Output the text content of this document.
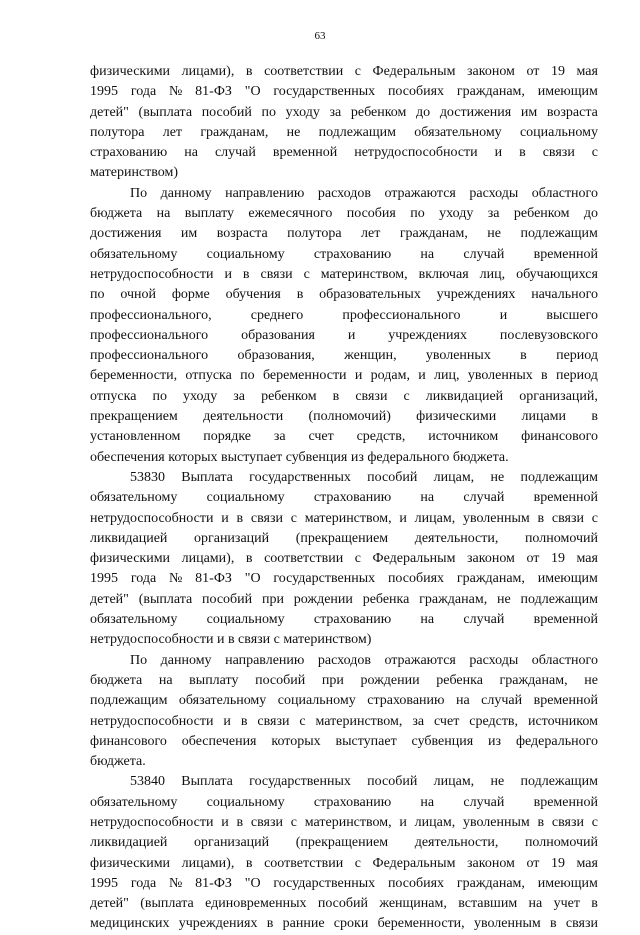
63
физическими лицами), в соответствии с Федеральным законом от 19 мая
1995 года № 81-ФЗ "О государственных пособиях гражданам, имеющим
детей" (выплата пособий по уходу за ребенком до достижения им возраста
полутора лет гражданам, не подлежащим обязательному социальному
страхованию на случай временной нетрудоспособности и в связи с
материнством)
По данному направлению расходов отражаются расходы областного
бюджета на выплату ежемесячного пособия по уходу за ребенком до
достижения им возраста полутора лет гражданам, не подлежащим
обязательному социальному страхованию на случай временной
нетрудоспособности и в связи с материнством, включая лиц, обучающихся
по очной форме обучения в образовательных учреждениях начального
профессионального,	среднего	профессионального	и	высшего
профессионального образования и учреждениях послевузовского
профессионального образования, женщин, уволенных в период
беременности, отпуска по беременности и родам, и лиц, уволенных в период
отпуска по уходу за ребенком в связи с ликвидацией организаций,
прекращением деятельности (полномочий) физическими лицами в
установленном порядке за счет средств, источником финансового
обеспечения которых выступает субвенция из федерального бюджета.
53830 Выплата государственных пособий лицам, не подлежащим
обязательному социальному страхованию на случай временной
нетрудоспособности и в связи с материнством, и лицам, уволенным в связи с
ликвидацией организаций (прекращением деятельности, полномочий
физическими лицами), в соответствии с Федеральным законом от 19 мая
1995 года № 81-ФЗ "О государственных пособиях гражданам, имеющим
детей" (выплата пособий при рождении ребенка гражданам, не подлежащим
обязательному социальному страхованию на случай временной
нетрудоспособности и в связи с материнством)
По данному направлению расходов отражаются расходы областного
бюджета на выплату пособий при рождении ребенка гражданам, не
подлежащим обязательному социальному страхованию на случай временной
нетрудоспособности и в связи с материнством, за счет средств, источником
финансового обеспечения которых выступает субвенция из федерального
бюджета.
53840 Выплата государственных пособий лицам, не подлежащим
обязательному социальному страхованию на случай временной
нетрудоспособности и в связи с материнством, и лицам, уволенным в связи с
ликвидацией организаций (прекращением деятельности, полномочий
физическими лицами), в соответствии с Федеральным законом от 19 мая
1995 года № 81-ФЗ "О государственных пособиях гражданам, имеющим
детей" (выплата единовременных пособий женщинам, вставшим на учет в
медицинских учреждениях в ранние сроки беременности, уволенным в связи
